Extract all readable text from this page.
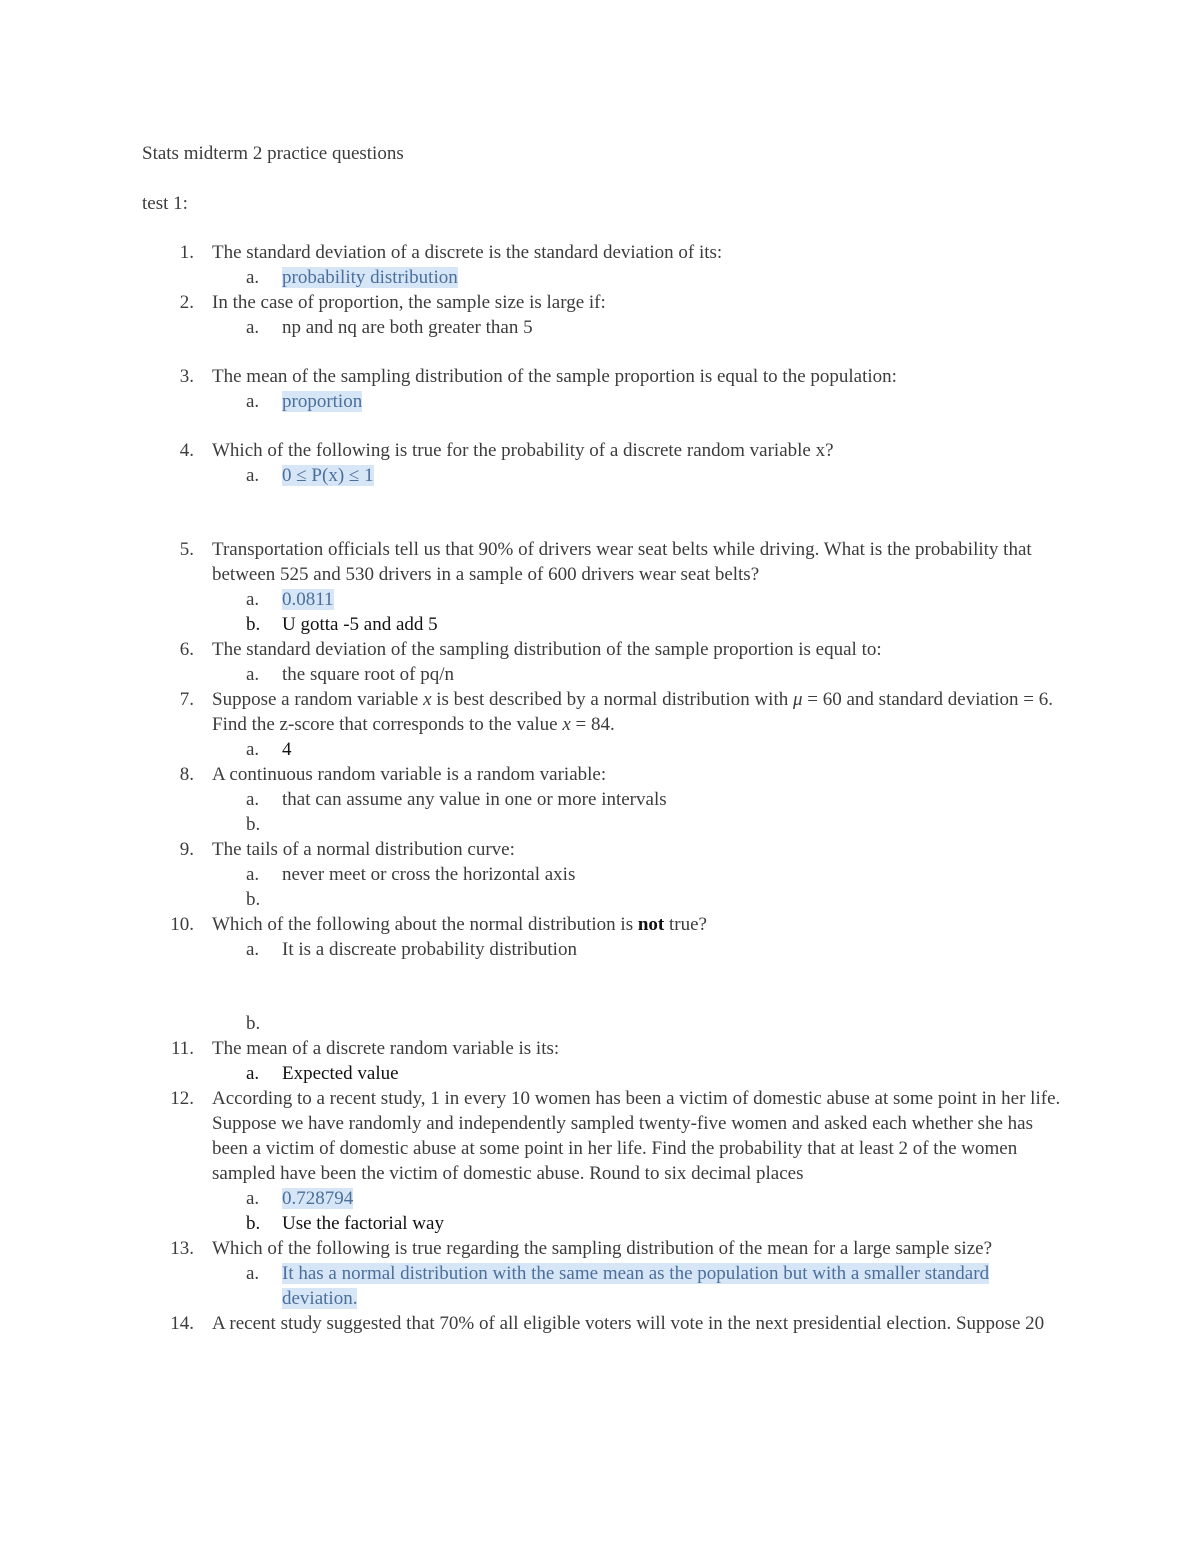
Stats midterm 2 practice questions
test 1:
1. The standard deviation of a discrete is the standard deviation of its:
a. probability distribution
2. In the case of proportion, the sample size is large if:
a. np and nq are both greater than 5
3. The mean of the sampling distribution of the sample proportion is equal to the population:
a. proportion
4. Which of the following is true for the probability of a discrete random variable x?
a. 0 ≤ P(x) ≤ 1
5. Transportation officials tell us that 90% of drivers wear seat belts while driving. What is the probability that between 525 and 530 drivers in a sample of 600 drivers wear seat belts?
a. 0.0811
b. U gotta -5 and add 5
6. The standard deviation of the sampling distribution of the sample proportion is equal to:
a. the square root of pq/n
7. Suppose a random variable x is best described by a normal distribution with μ = 60 and standard deviation = 6. Find the z-score that corresponds to the value x = 84.
a. 4
8. A continuous random variable is a random variable:
a. that can assume any value in one or more intervals
b.

9. The tails of a normal distribution curve:
a. never meet or cross the horizontal axis
b.

10. Which of the following about the normal distribution is not true?
a. It is a discreate probability distribution
b.

11. The mean of a discrete random variable is its:
a. Expected value
12. According to a recent study, 1 in every 10 women has been a victim of domestic abuse at some point in her life. Suppose we have randomly and independently sampled twenty-five women and asked each whether she has been a victim of domestic abuse at some point in her life. Find the probability that at least 2 of the women sampled have been the victim of domestic abuse. Round to six decimal places
a. 0.728794
b. Use the factorial way
13. Which of the following is true regarding the sampling distribution of the mean for a large sample size?
a. It has a normal distribution with the same mean as the population but with a smaller standard deviation.
14. A recent study suggested that 70% of all eligible voters will vote in the next presidential election. Suppose 20
